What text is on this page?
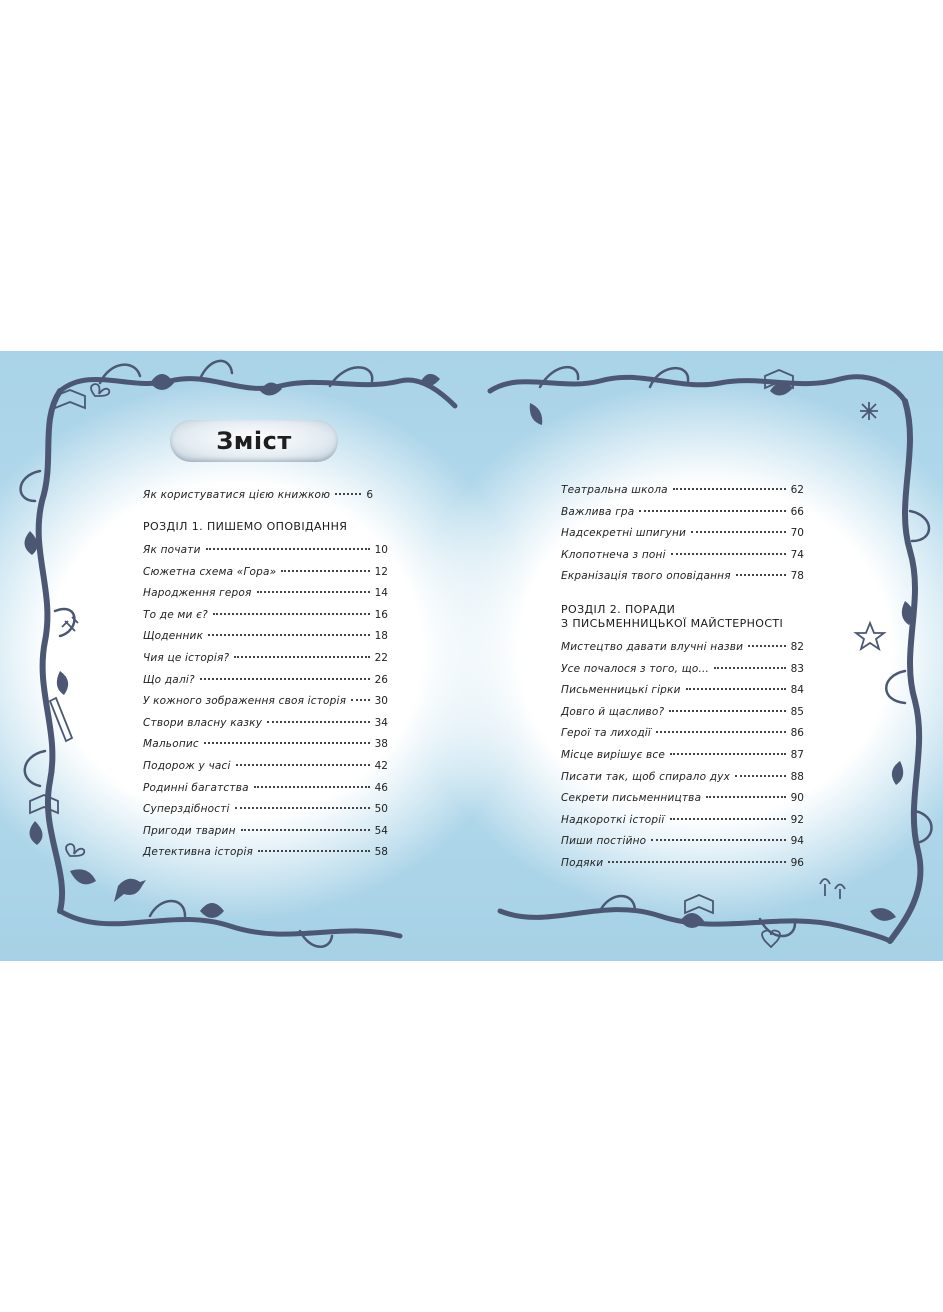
Зміст
Як користуватися цією книжкою	6
РОЗДІЛ 1. ПИШЕМО ОПОВІДАННЯ
Як почати	10
Сюжетна схема «Гора»	12
Народження героя	14
То де ми є?	16
Щоденник	18
Чия це історія?	22
Що далі?	26
У кожного зображення своя історія	30
Створи власну казку	34
Мальопис	38
Подорож у часі	42
Родинні багатства	46
Суперздібності	50
Пригоди тварин	54
Детективна історія	58
Театральна школа	62
Важлива гра	66
Надсекретні шпигуни	70
Клопотнеча з поні	74
Екранізація твого оповідання	78
РОЗДІЛ 2. ПОРАДИ
З ПИСЬМЕННИЦЬКОЇ МАЙСТЕРНОСТІ
Мистецтво давати влучні назви	82
Усе почалося з того, що...	83
Письменницькі гірки	84
Довго й щасливо?	85
Герої та лиходії	86
Місце вирішує все	87
Писати так, щоб спирало дух	88
Секрети письменництва	90
Надкороткі історії	92
Пиши постійно	94
Подяки	96
